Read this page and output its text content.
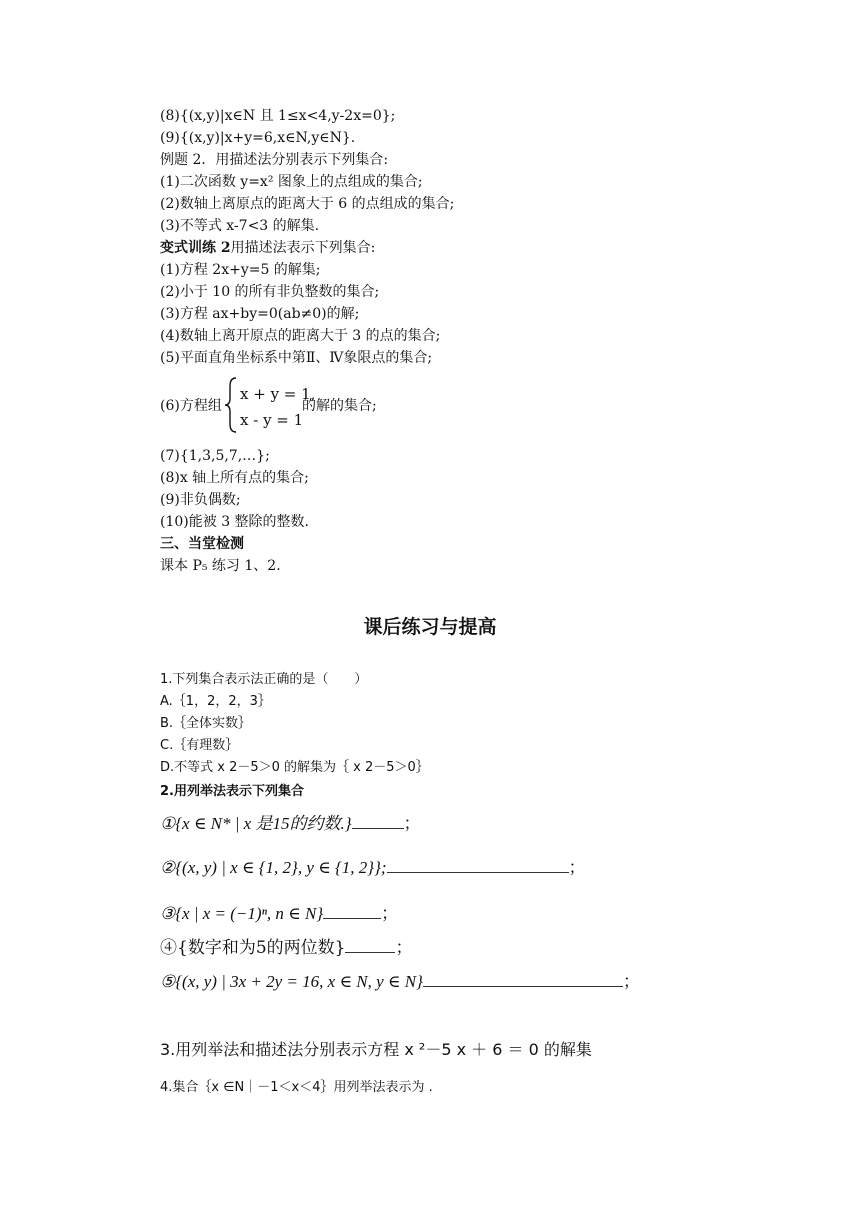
(8){(x,y)|x∈N 且 1≤x<4,y-2x=0};
(9){(x,y)|x+y=6,x∈N,y∈N}.
例题 2．用描述法分别表示下列集合:
(1)二次函数 y=x² 图象上的点组成的集合;
(2)数轴上离原点的距离大于 6 的点组成的集合;
(3)不等式 x-7<3 的解集.
变式训练 2用描述法表示下列集合:
(1)方程 2x+y=5 的解集;
(2)小于 10 的所有非负整数的集合;
(3)方程 ax+by=0(ab≠0)的解;
(4)数轴上离开原点的距离大于 3 的点的集合;
(5)平面直角坐标系中第Ⅱ、Ⅳ象限点的集合;
(6)方程组
x + y = 1,
x - y = 1
的解的集合;
(7){1,3,5,7,…};
(8)x 轴上所有点的集合;
(9)非负偶数;
(10)能被 3 整除的整数.
三、当堂检测
课本 P₅ 练习 1、2.
课后练习与提高
1.下列集合表示法正确的是（　　）
A.｛1，2，2，3｝
B.｛全体实数｝
C.｛有理数｝
D.不等式 x 2－5＞0 的解集为｛ x 2－5＞0｝
2.用列举法表示下列集合
①{x ∈ N* | x 是15的约数.}	；
②{(x, y) | x ∈ {1, 2}, y ∈ {1, 2}};	；
③{x | x = (−1)ⁿ, n ∈ N}	；
④{数字和为5的两位数}	；
⑤{(x, y) | 3x + 2y = 16, x ∈ N, y ∈ N}	；
3.用列举法和描述法分别表示方程 x ²－5 x ＋ 6 ＝ 0 的解集
4.集合｛x ∈N｜－1＜x＜4｝用列举法表示为 .
